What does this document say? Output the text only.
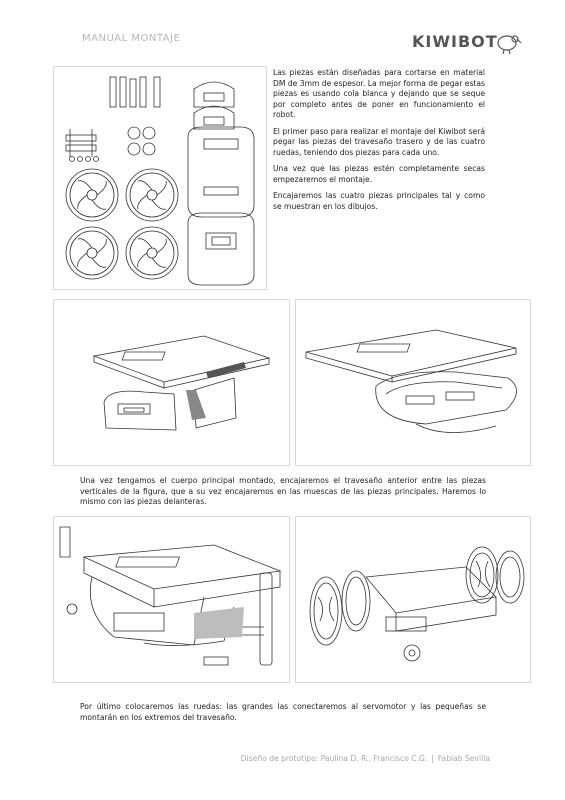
MANUAL MONTAJE	KIWIBOT

Las piezas están diseñadas para cortarse en material DM de 3mm de espesor. La mejor forma de pegar estas piezas es usando cola blanca y dejando que se seque por completo antes de poner en funcionamiento el robot.

El primer paso para realizar el montaje del Kiwibot será pegar las piezas del travesaño trasero y de las cuatro ruedas, teniendo dos piezas para cada uno.

Una vez que las piezas estén completamente secas empezaremos el montaje.

Encajaremos las cuatro piezas principales tal y como se muestran en los dibujos.

Una vez tengamos el cuerpo principal montado, encajaremos el travesaño anterior entre las piezas verticales de la figura, que a su vez encajaremos en las muescas de las piezas principales. Haremos lo mismo con las piezas delanteras.
Por último colocaremos las ruedas: las grandes las conectaremos al servomotor y las pequeñas se montarán en los extremos del travesaño.
Diseño de prototipo: Paulina D. R., Francisco C.G. | Fablab Sevilla
